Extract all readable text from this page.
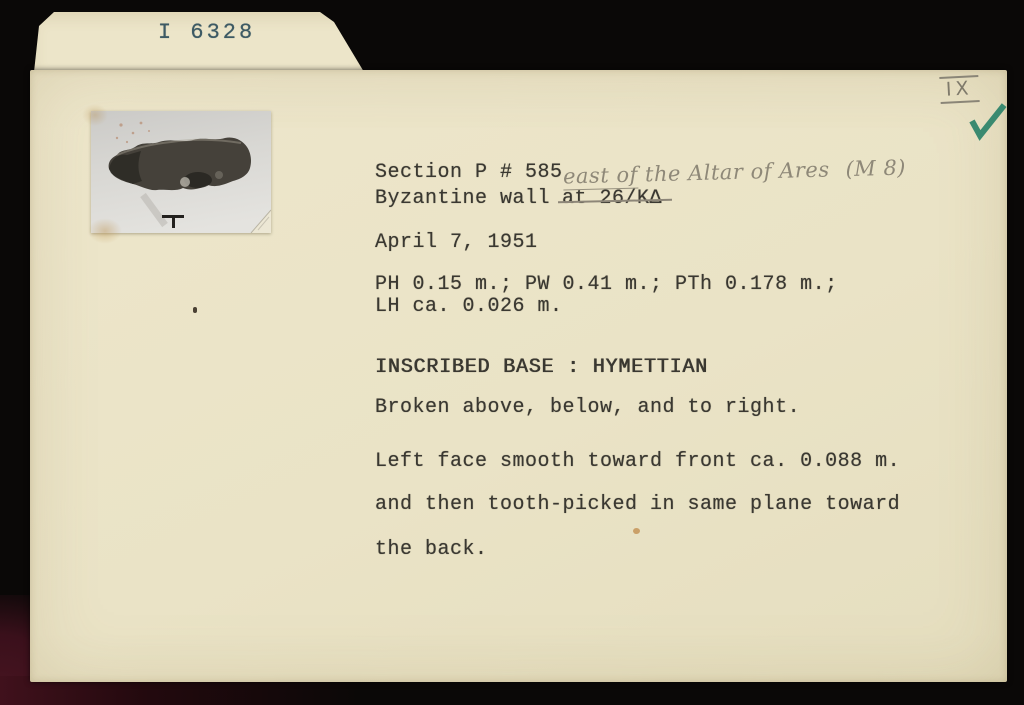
I 6328
IX
Section P # 585
Byzantine wall at 26/KΔ
east of the Altar of Ares (M 8)
April 7, 1951
PH 0.15 m.; PW 0.41 m.; PTh 0.178 m.;
LH ca. 0.026 m.
INSCRIBED BASE : HYMETTIAN
Broken above, below, and to right.
Left face smooth toward front ca. 0.088 m.
and then tooth-picked in same plane toward
the back.
